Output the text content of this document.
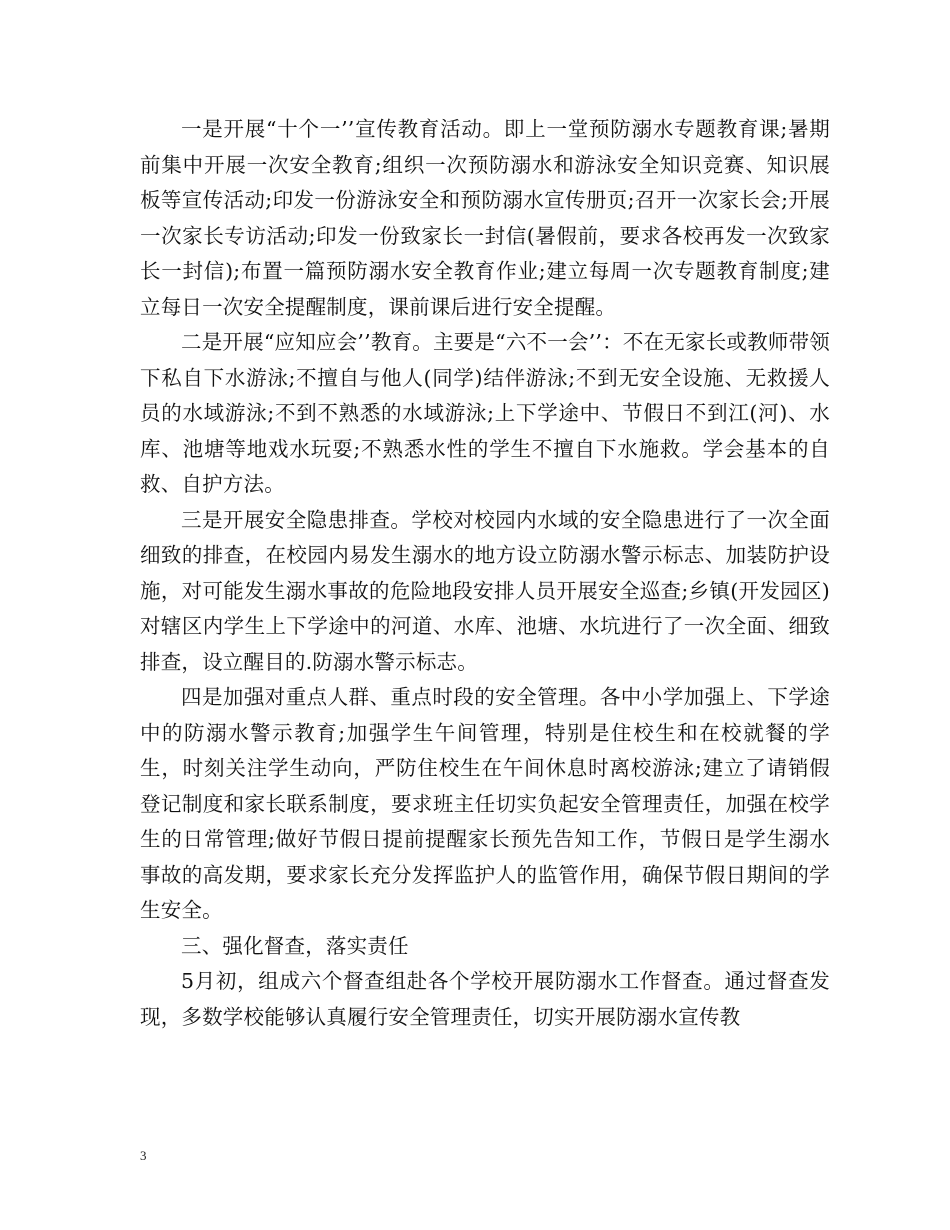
一是开展“十个一’’宣传教育活动。即上一堂预防溺水专题教育课;暑期前集中开展一次安全教育;组织一次预防溺水和游泳安全知识竞赛、知识展板等宣传活动;印发一份游泳安全和预防溺水宣传册页;召开一次家长会;开展一次家长专访活动;印发一份致家长一封信(暑假前，要求各校再发一次致家长一封信);布置一篇预防溺水安全教育作业;建立每周一次专题教育制度;建立每日一次安全提醒制度，课前课后进行安全提醒。

二是开展“应知应会’’教育。主要是“六不一会’’：不在无家长或教师带领下私自下水游泳;不擅自与他人(同学)结伴游泳;不到无安全设施、无救援人员的水域游泳;不到不熟悉的水域游泳;上下学途中、节假日不到江(河)、水库、池塘等地戏水玩耍;不熟悉水性的学生不擅自下水施救。学会基本的自救、自护方法。

三是开展安全隐患排查。学校对校园内水域的安全隐患进行了一次全面细致的排查，在校园内易发生溺水的地方设立防溺水警示标志、加装防护设施，对可能发生溺水事故的危险地段安排人员开展安全巡查;乡镇(开发园区)对辖区内学生上下学途中的河道、水库、池塘、水坑进行了一次全面、细致排查，设立醒目的.防溺水警示标志。

四是加强对重点人群、重点时段的安全管理。各中小学加强上、下学途中的防溺水警示教育;加强学生午间管理，特别是住校生和在校就餐的学生，时刻关注学生动向，严防住校生在午间休息时离校游泳;建立了请销假登记制度和家长联系制度，要求班主任切实负起安全管理责任，加强在校学生的日常管理;做好节假日提前提醒家长预先告知工作，节假日是学生溺水事故的高发期，要求家长充分发挥监护人的监管作用，确保节假日期间的学生安全。

三、强化督查，落实责任

5月初，组成六个督查组赴各个学校开展防溺水工作督查。通过督查发现，多数学校能够认真履行安全管理责任，切实开展防溺水宣传教

3
